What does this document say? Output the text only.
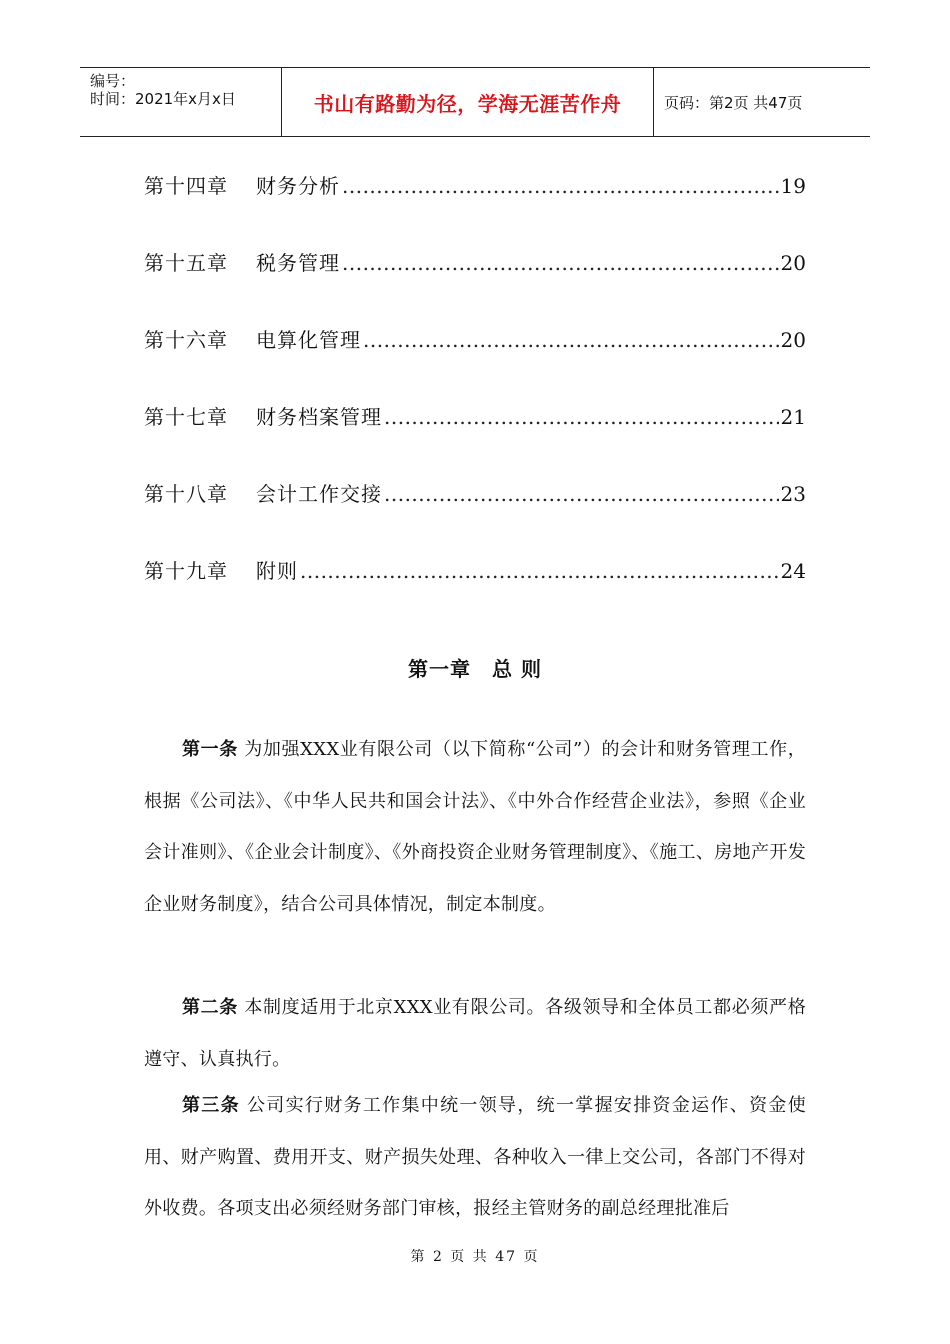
编号：
时间：2021年x月x日	书山有路勤为径，学海无涯苦作舟	页码：第2页 共47页
第十四章	财务分析 .....	19
第十五章	税务管理 .....	20
第十六章	电算化管理 .....	20
第十七章	财务档案管理 .....	21
第十八章	会计工作交接 .....	23
第十九章	附则 .....	24
第一章　总 则

第一条 为加强XXX业有限公司（以下简称“公司”）的会计和财务管理工作，根据《公司法》、《中华人民共和国会计法》、《中外合作经营企业法》，参照《企业会计准则》、《企业会计制度》、《外商投资企业财务管理制度》、《施工、房地产开发企业财务制度》，结合公司具体情况，制定本制度。

第二条 本制度适用于北京XXX业有限公司。各级领导和全体员工都必须严格遵守、认真执行。

第三条 公司实行财务工作集中统一领导，统一掌握安排资金运作、资金使用、财产购置、费用开支、财产损失处理、各种收入一律上交公司，各部门不得对外收费。各项支出必须经财务部门审核，报经主管财务的副总经理批准后

第 2 页 共 47 页
